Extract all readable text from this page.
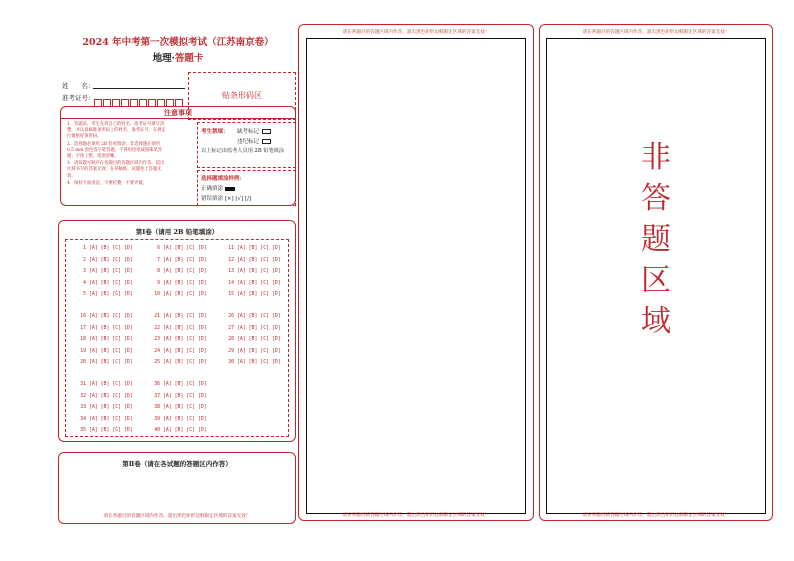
2024 年中考第一次模拟考试（江苏南京卷）
地理·答题卡
姓　　名：
准考证号：	贴条形码区
注意事项

1．答题前，考生先将自己的姓名、准考证号填写清楚，并认真核准条形码上的姓名、准考证号，在规定位置贴好条形码。

2．选择题必须用 2B 铅笔填涂；非选择题必须用 0.5 mm 黑色签字笔答题，不得用铅笔或圆珠笔答题；字体工整、笔迹清晰。

3．请按题号顺序在各题目的答题区域内作答，超出区域书写的答案无效；在草稿纸、试题卷上答题无效。

4．保持卡面清洁，不要折叠、不要弄破。

考生禁填： 缺考标记
违纪标记
以上标记由监考人员用 2B 铅笔填涂
选择题填涂样例：
正确填涂
错误填涂 [×] [√] [/]
第Ⅰ卷（请用 2B 铅笔填涂）
1 [A] [B] [C] [D]
2 [A] [B] [C] [D]
3 [A] [B] [C] [D]
4 [A] [B] [C] [D]
5 [A] [B] [C] [D]
6 [A] [B] [C] [D]
7 [A] [B] [C] [D]
8 [A] [B] [C] [D]
9 [A] [B] [C] [D]
10 [A] [B] [C] [D]
11 [A] [B] [C] [D]
12 [A] [B] [C] [D]
13 [A] [B] [C] [D]
14 [A] [B] [C] [D]
15 [A] [B] [C] [D]
16 [A] [B] [C] [D]
17 [A] [B] [C] [D]
18 [A] [B] [C] [D]
19 [A] [B] [C] [D]
20 [A] [B] [C] [D]
21 [A] [B] [C] [D]
22 [A] [B] [C] [D]
23 [A] [B] [C] [D]
24 [A] [B] [C] [D]
25 [A] [B] [C] [D]
26 [A] [B] [C] [D]
27 [A] [B] [C] [D]
28 [A] [B] [C] [D]
29 [A] [B] [C] [D]
30 [A] [B] [C] [D]
31 [A] [B] [C] [D]
32 [A] [B] [C] [D]
33 [A] [B] [C] [D]
34 [A] [B] [C] [D]
35 [A] [B] [C] [D]
36 [A] [B] [C] [D]
37 [A] [B] [C] [D]
38 [A] [B] [C] [D]
39 [A] [B] [C] [D]
40 [A] [B] [C] [D]
第Ⅱ卷（请在各试题的答题区内作答）
请在各题目的答题区域内作答，超出黑色矩形边框限定区域的答案无效！
请在各题目的答题区域内作答，超出黑色矩形边框限定区域的答案无效！
请在各题目的答题区域内作答，超出黑色矩形边框限定区域的答案无效！
请在各题目的答题区域内作答，超出黑色矩形边框限定区域的答案无效！
非
答
题
区
域
请在各题目的答题区域内作答，超出黑色矩形边框限定区域的答案无效！
